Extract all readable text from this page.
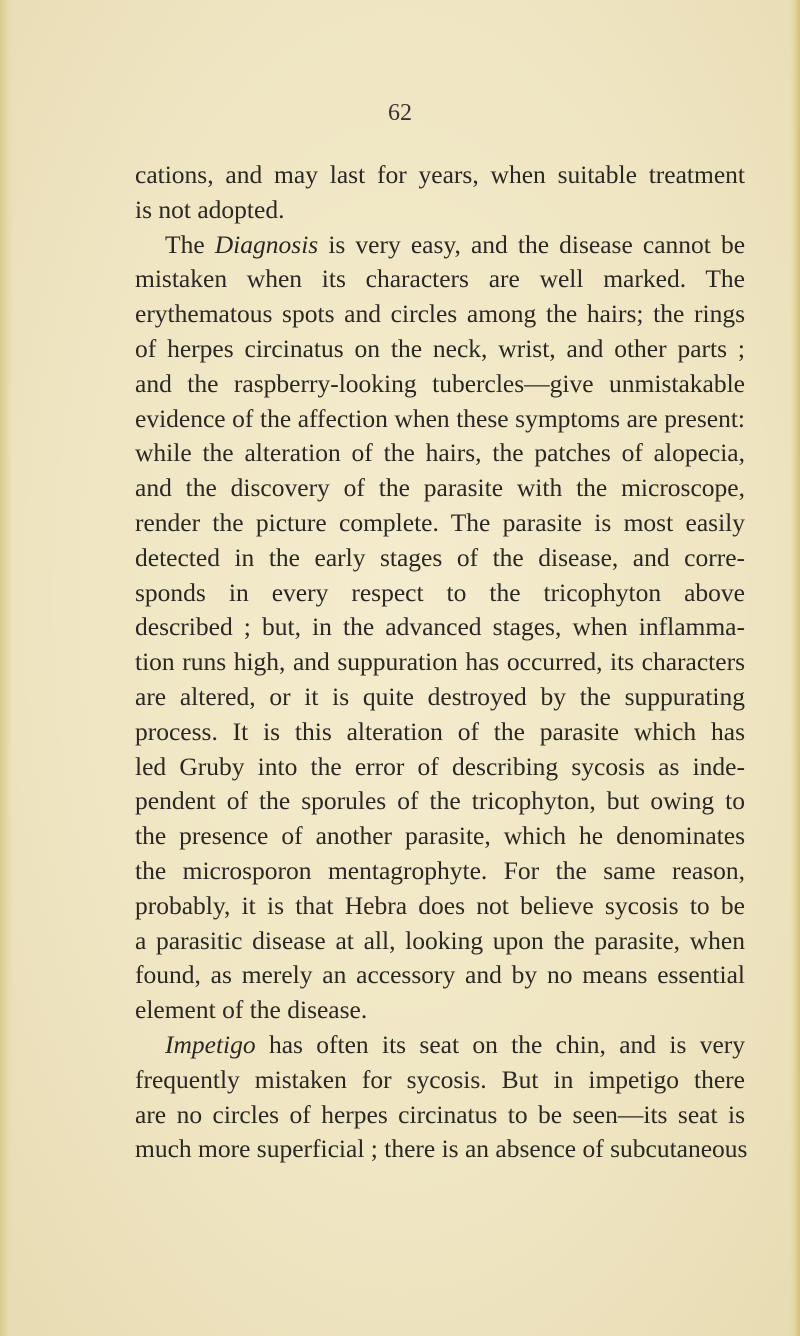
62
cations, and may last for years, when suitable treatment
is not adopted.
The Diagnosis is very easy, and the disease cannot be
mistaken when its characters are well marked. The
erythematous spots and circles among the hairs; the rings
of herpes circinatus on the neck, wrist, and other parts ;
and the raspberry-looking tubercles—give unmistakable
evidence of the affection when these symptoms are present:
while the alteration of the hairs, the patches of alopecia,
and the discovery of the parasite with the microscope,
render the picture complete. The parasite is most easily
detected in the early stages of the disease, and corre-
sponds in every respect to the tricophyton above
described ; but, in the advanced stages, when inflamma-
tion runs high, and suppuration has occurred, its characters
are altered, or it is quite destroyed by the suppurating
process. It is this alteration of the parasite which has
led Gruby into the error of describing sycosis as inde-
pendent of the sporules of the tricophyton, but owing to
the presence of another parasite, which he denominates
the microsporon mentagrophyte. For the same reason,
probably, it is that Hebra does not believe sycosis to be
a parasitic disease at all, looking upon the parasite, when
found, as merely an accessory and by no means essential
element of the disease.
Impetigo has often its seat on the chin, and is very
frequently mistaken for sycosis. But in impetigo there
are no circles of herpes circinatus to be seen—its seat is
much more superficial ; there is an absence of subcutaneous
